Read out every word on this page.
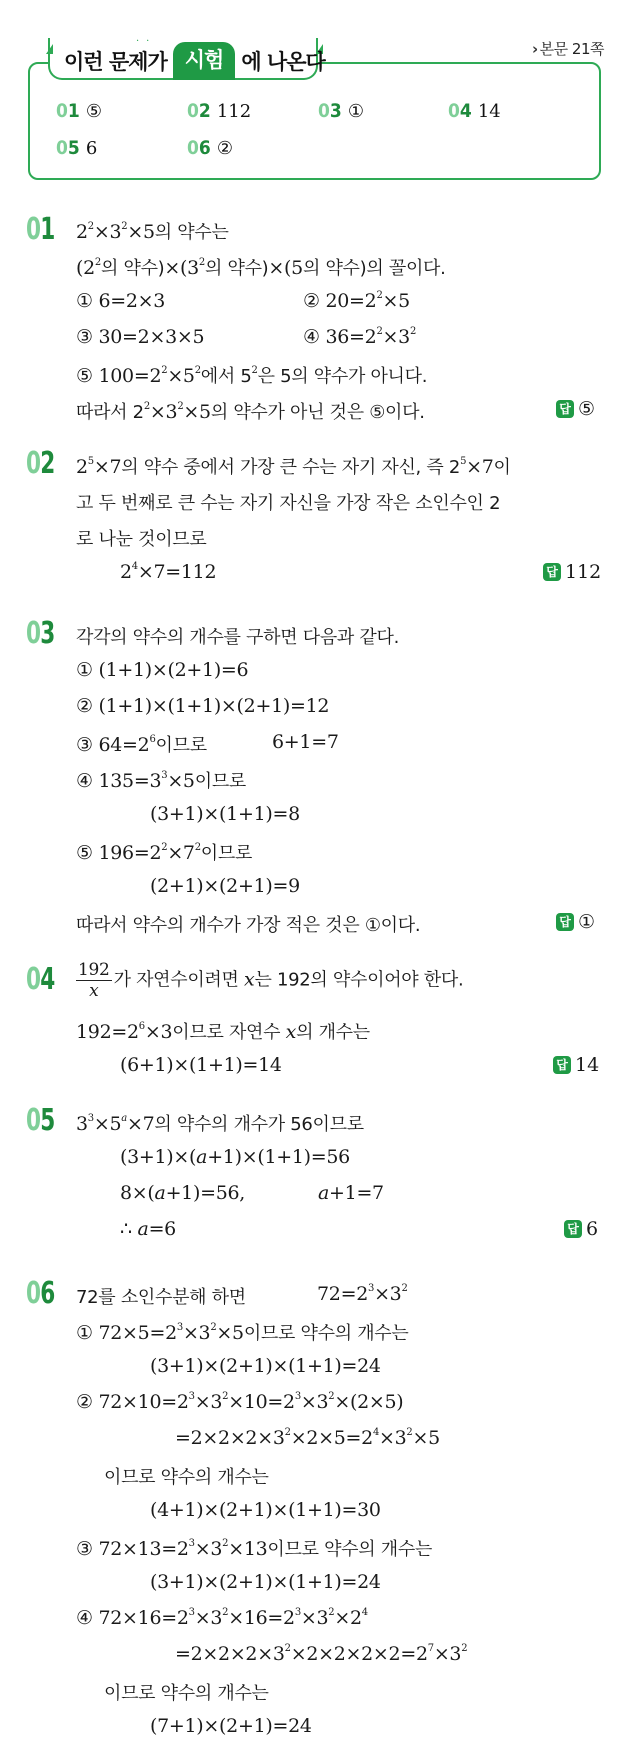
› 본문 21쪽
··
이런 문제가 시험 에 나온다
01 ⑤	02 112	03 ①	04 14
05 6	06 ②
01 $2^2\times 3^2\times 5$의 약수는
($2^2$의 약수)$\times(3^2$의 약수)×(5의 약수)의 꼴이다.
① 6=2×3	② $20=2^2\times 5$
③ 30=2×3×5	④ $36=2^2\times 3^2$
⑤ $100=2^2\times 5^2$에서 $5^2$은 5의 약수가 아니다.
따라서 $2^2\times 3^2\times 5$의 약수가 아닌 것은 ⑤이다.	답 ⑤
02 $2^5\times 7$의 약수 중에서 가장 큰 수는 자기 자신, 즉 $2^5\times 7$이
고 두 번째로 큰 수는 자기 자신을 가장 작은 소인수인 2
로 나눈 것이므로
$2^4\times 7=112$	답 112
03 각각의 약수의 개수를 구하면 다음과 같다.
① (1+1)×(2+1)=6
② (1+1)×(1+1)×(2+1)=12
③ $64=2^6$이므로	6+1=7
④ $135=3^3\times 5$이므로
(3+1)×(1+1)=8
⑤ $196=2^2\times 7^2$이므로
(2+1)×(2+1)=9
따라서 약수의 개수가 가장 적은 것은 ①이다.	답 ①
$04 \frac{192}{x}$ 가 자연수이려면 x는 192의 약수이어야 한다.
$192=2^6\times 3$이므로 자연수 x의 개수는
(6+1)×(1+1)=14	답 14
05 $3^3\times 5^a\times 7$의 약수의 개수가 56이므로
(3+1)×(a+1)×(1+1)=56
8×(a+1)=56,	a+1=7
∴ a=6	답 6
06 72를 소인수분해 하면	$72=2^3\times 3^2$
① $72\times 5=2^3\times 3^2\times 5$이므로 약수의 개수는
(3+1)×(2+1)×(1+1)=24
② $72\times 10=2^3\times 3^2\times 10=2^3\times 3^2\times(2\times 5)$
$=2\times 2\times 2\times 3^2\times 2\times 5=2^4\times 3^2\times 5$
이므로 약수의 개수는
(4+1)×(2+1)×(1+1)=30
③ $72\times 13=2^3\times 3^2\times 13$이므로 약수의 개수는
(3+1)×(2+1)×(1+1)=24
④ $72\times 16=2^3\times 3^2\times 16=2^3\times 3^2\times 2^4$
$=2\times 2\times 2\times 3^2\times 2\times 2\times 2\times 2=2^7\times 3^2$
이므로 약수의 개수는
(7+1)×(2+1)=24
